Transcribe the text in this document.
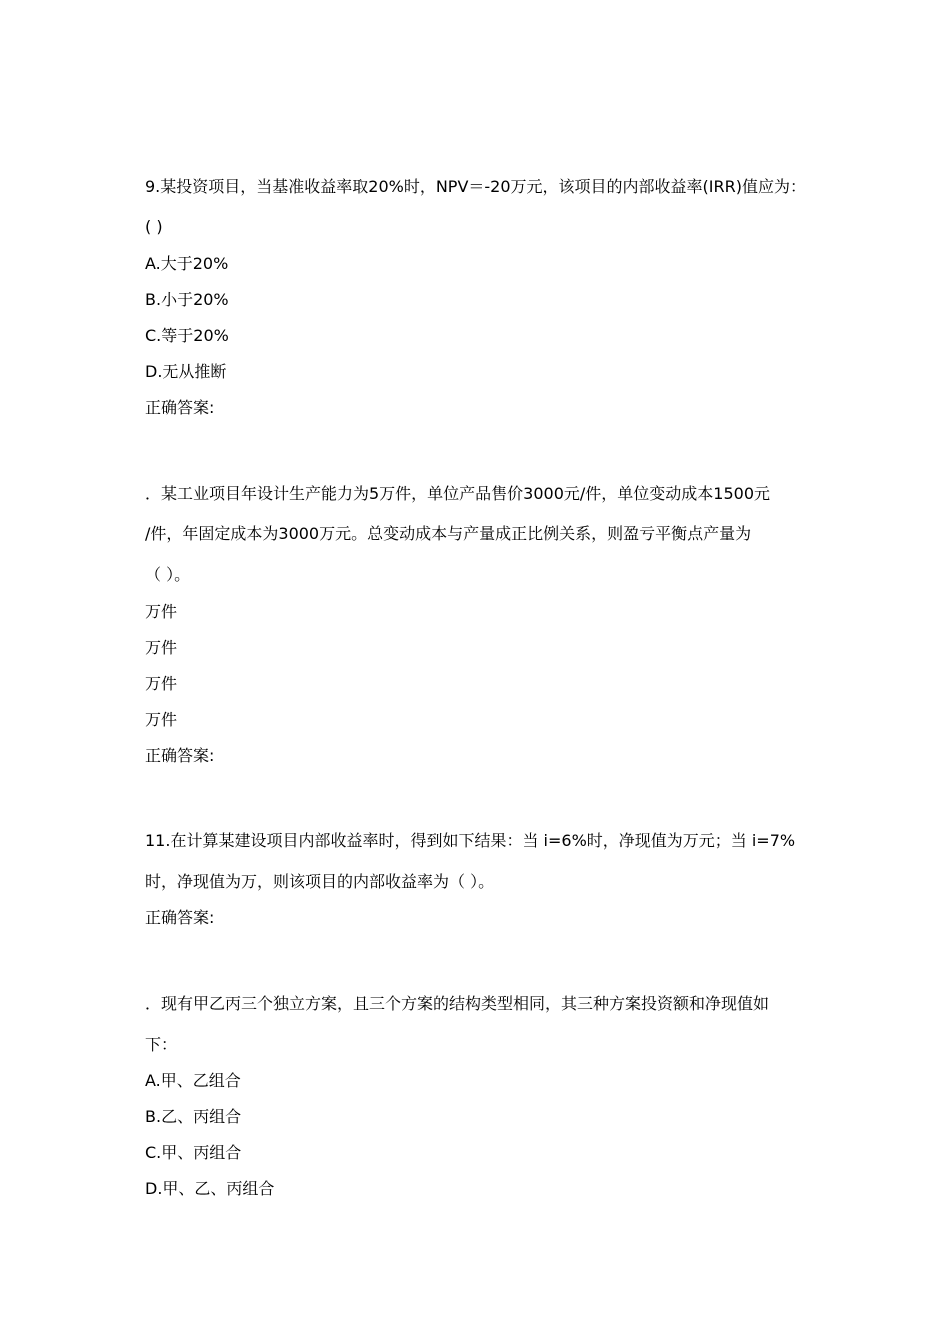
9.某投资项目，当基准收益率取20%时，NPV＝-20万元，该项目的内部收益率(IRR)值应为：
( )
A.大于20%
B.小于20%
C.等于20%
D.无从推断
正确答案:
．某工业项目年设计生产能力为5万件，单位产品售价3000元/件，单位变动成本1500元
/件，年固定成本为3000万元。总变动成本与产量成正比例关系，则盈亏平衡点产量为
（ ）。
万件
万件
万件
万件
正确答案:
11.在计算某建设项目内部收益率时，得到如下结果：当 i=6%时，净现值为万元；当 i=7%
时，净现值为万，则该项目的内部收益率为（ ）。
正确答案:
．现有甲乙丙三个独立方案，且三个方案的结构类型相同，其三种方案投资额和净现值如
下：
A.甲、乙组合
B.乙、丙组合
C.甲、丙组合
D.甲、乙、丙组合
